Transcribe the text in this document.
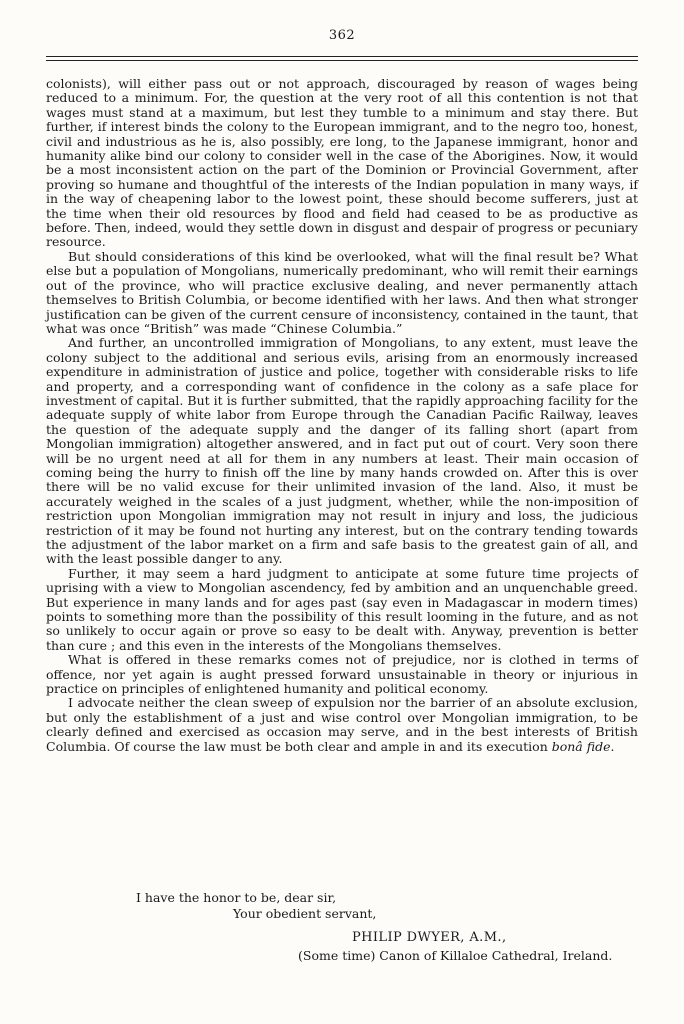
362

colonists), will either pass out or not approach, discouraged by reason of wages being reduced to a minimum. For, the question at the very root of all this contention is not that wages must stand at a maximum, but lest they tumble to a minimum and stay there. But further, if interest binds the colony to the European immigrant, and to the negro too, honest, civil and industrious as he is, also possibly, ere long, to the Japanese immigrant, honor and humanity alike bind our colony to consider well in the case of the Aborigines. Now, it would be a most inconsistent action on the part of the Dominion or Provincial Government, after proving so humane and thoughtful of the interests of the Indian population in many ways, if in the way of cheapening labor to the lowest point, these should become sufferers, just at the time when their old resources by flood and field had ceased to be as productive as before. Then, indeed, would they settle down in disgust and despair of progress or pecuniary resource.

But should considerations of this kind be overlooked, what will the final result be? What else but a population of Mongolians, numerically predominant, who will remit their earnings out of the province, who will practice exclusive dealing, and never permanently attach themselves to British Columbia, or become identified with her laws. And then what stronger justification can be given of the current censure of inconsistency, contained in the taunt, that what was once “British” was made “Chinese Columbia.”

And further, an uncontrolled immigration of Mongolians, to any extent, must leave the colony subject to the additional and serious evils, arising from an enormously increased expenditure in administration of justice and police, together with considerable risks to life and property, and a corresponding want of confidence in the colony as a safe place for investment of capital. But it is further submitted, that the rapidly approaching facility for the adequate supply of white labor from Europe through the Canadian Pacific Railway, leaves the question of the adequate supply and the danger of its falling short (apart from Mongolian immigration) altogether answered, and in fact put out of court. Very soon there will be no urgent need at all for them in any numbers at least. Their main occasion of coming being the hurry to finish off the line by many hands crowded on. After this is over there will be no valid excuse for their unlimited invasion of the land. Also, it must be accurately weighed in the scales of a just judgment, whether, while the non-imposition of restriction upon Mongolian immigration may not result in injury and loss, the judicious restriction of it may be found not hurting any interest, but on the contrary tending towards the adjustment of the labor market on a firm and safe basis to the greatest gain of all, and with the least possible danger to any.

Further, it may seem a hard judgment to anticipate at some future time projects of uprising with a view to Mongolian ascendency, fed by ambition and an unquenchable greed. But experience in many lands and for ages past (say even in Madagascar in modern times) points to something more than the possibility of this result looming in the future, and as not so unlikely to occur again or prove so easy to be dealt with. Anyway, prevention is better than cure ; and this even in the interests of the Mongolians themselves.

What is offered in these remarks comes not of prejudice, nor is clothed in terms of offence, nor yet again is aught pressed forward unsustainable in theory or injurious in practice on principles of enlightened humanity and political economy.

I advocate neither the clean sweep of expulsion nor the barrier of an absolute exclusion, but only the establishment of a just and wise control over Mongolian immigration, to be clearly defined and exercised as occasion may serve, and in the best interests of British Columbia. Of course the law must be both clear and ample in and its execution bonâ fide.

I have the honor to be, dear sir,
Your obedient servant,
PHILIP DWYER, A.M.,
(Some time) Canon of Killaloe Cathedral, Ireland.
